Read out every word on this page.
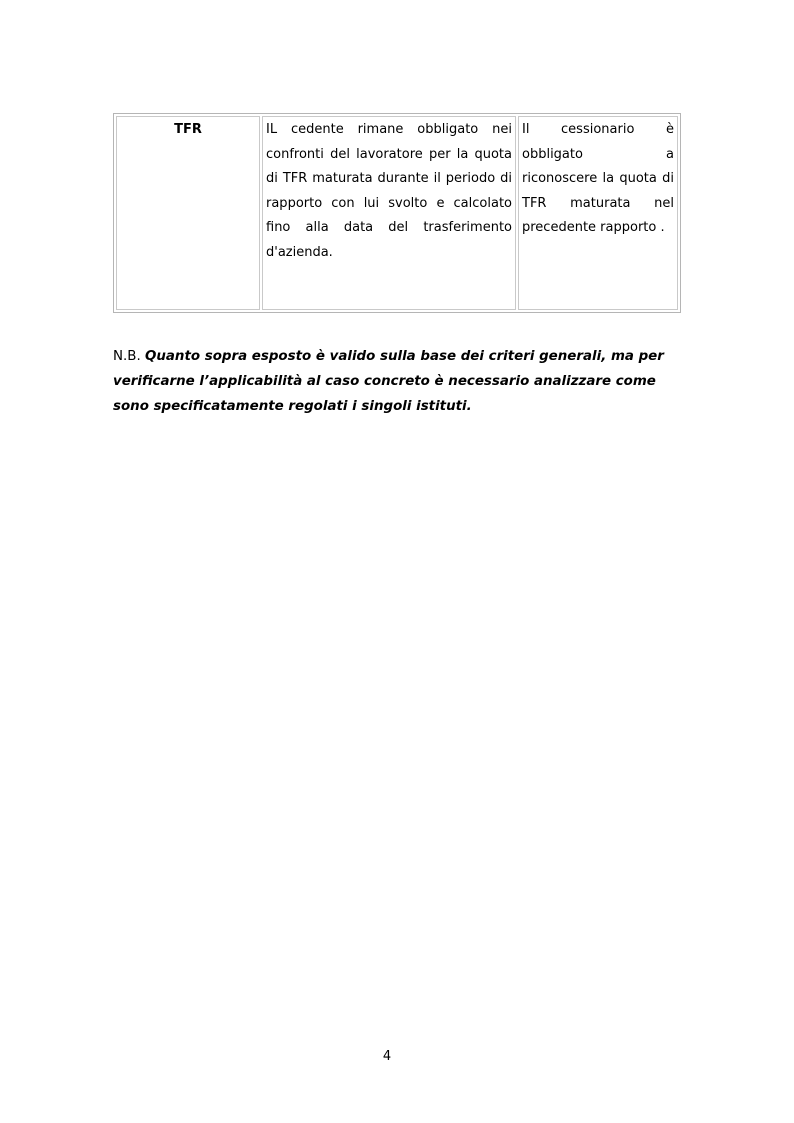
TFR	IL cedente rimane obbligato nei confronti del lavoratore per la quota di TFR maturata durante il periodo di rapporto con lui svolto e calcolato fino alla data del trasferimento d'azienda.	Il cessionario è obbligato a riconoscere la quota di TFR maturata nel precedente rapporto .

N.B. Quanto sopra esposto è valido sulla base dei criteri generali, ma per verificarne l’applicabilità al caso concreto è necessario analizzare come sono specificatamente regolati i singoli istituti.

4
